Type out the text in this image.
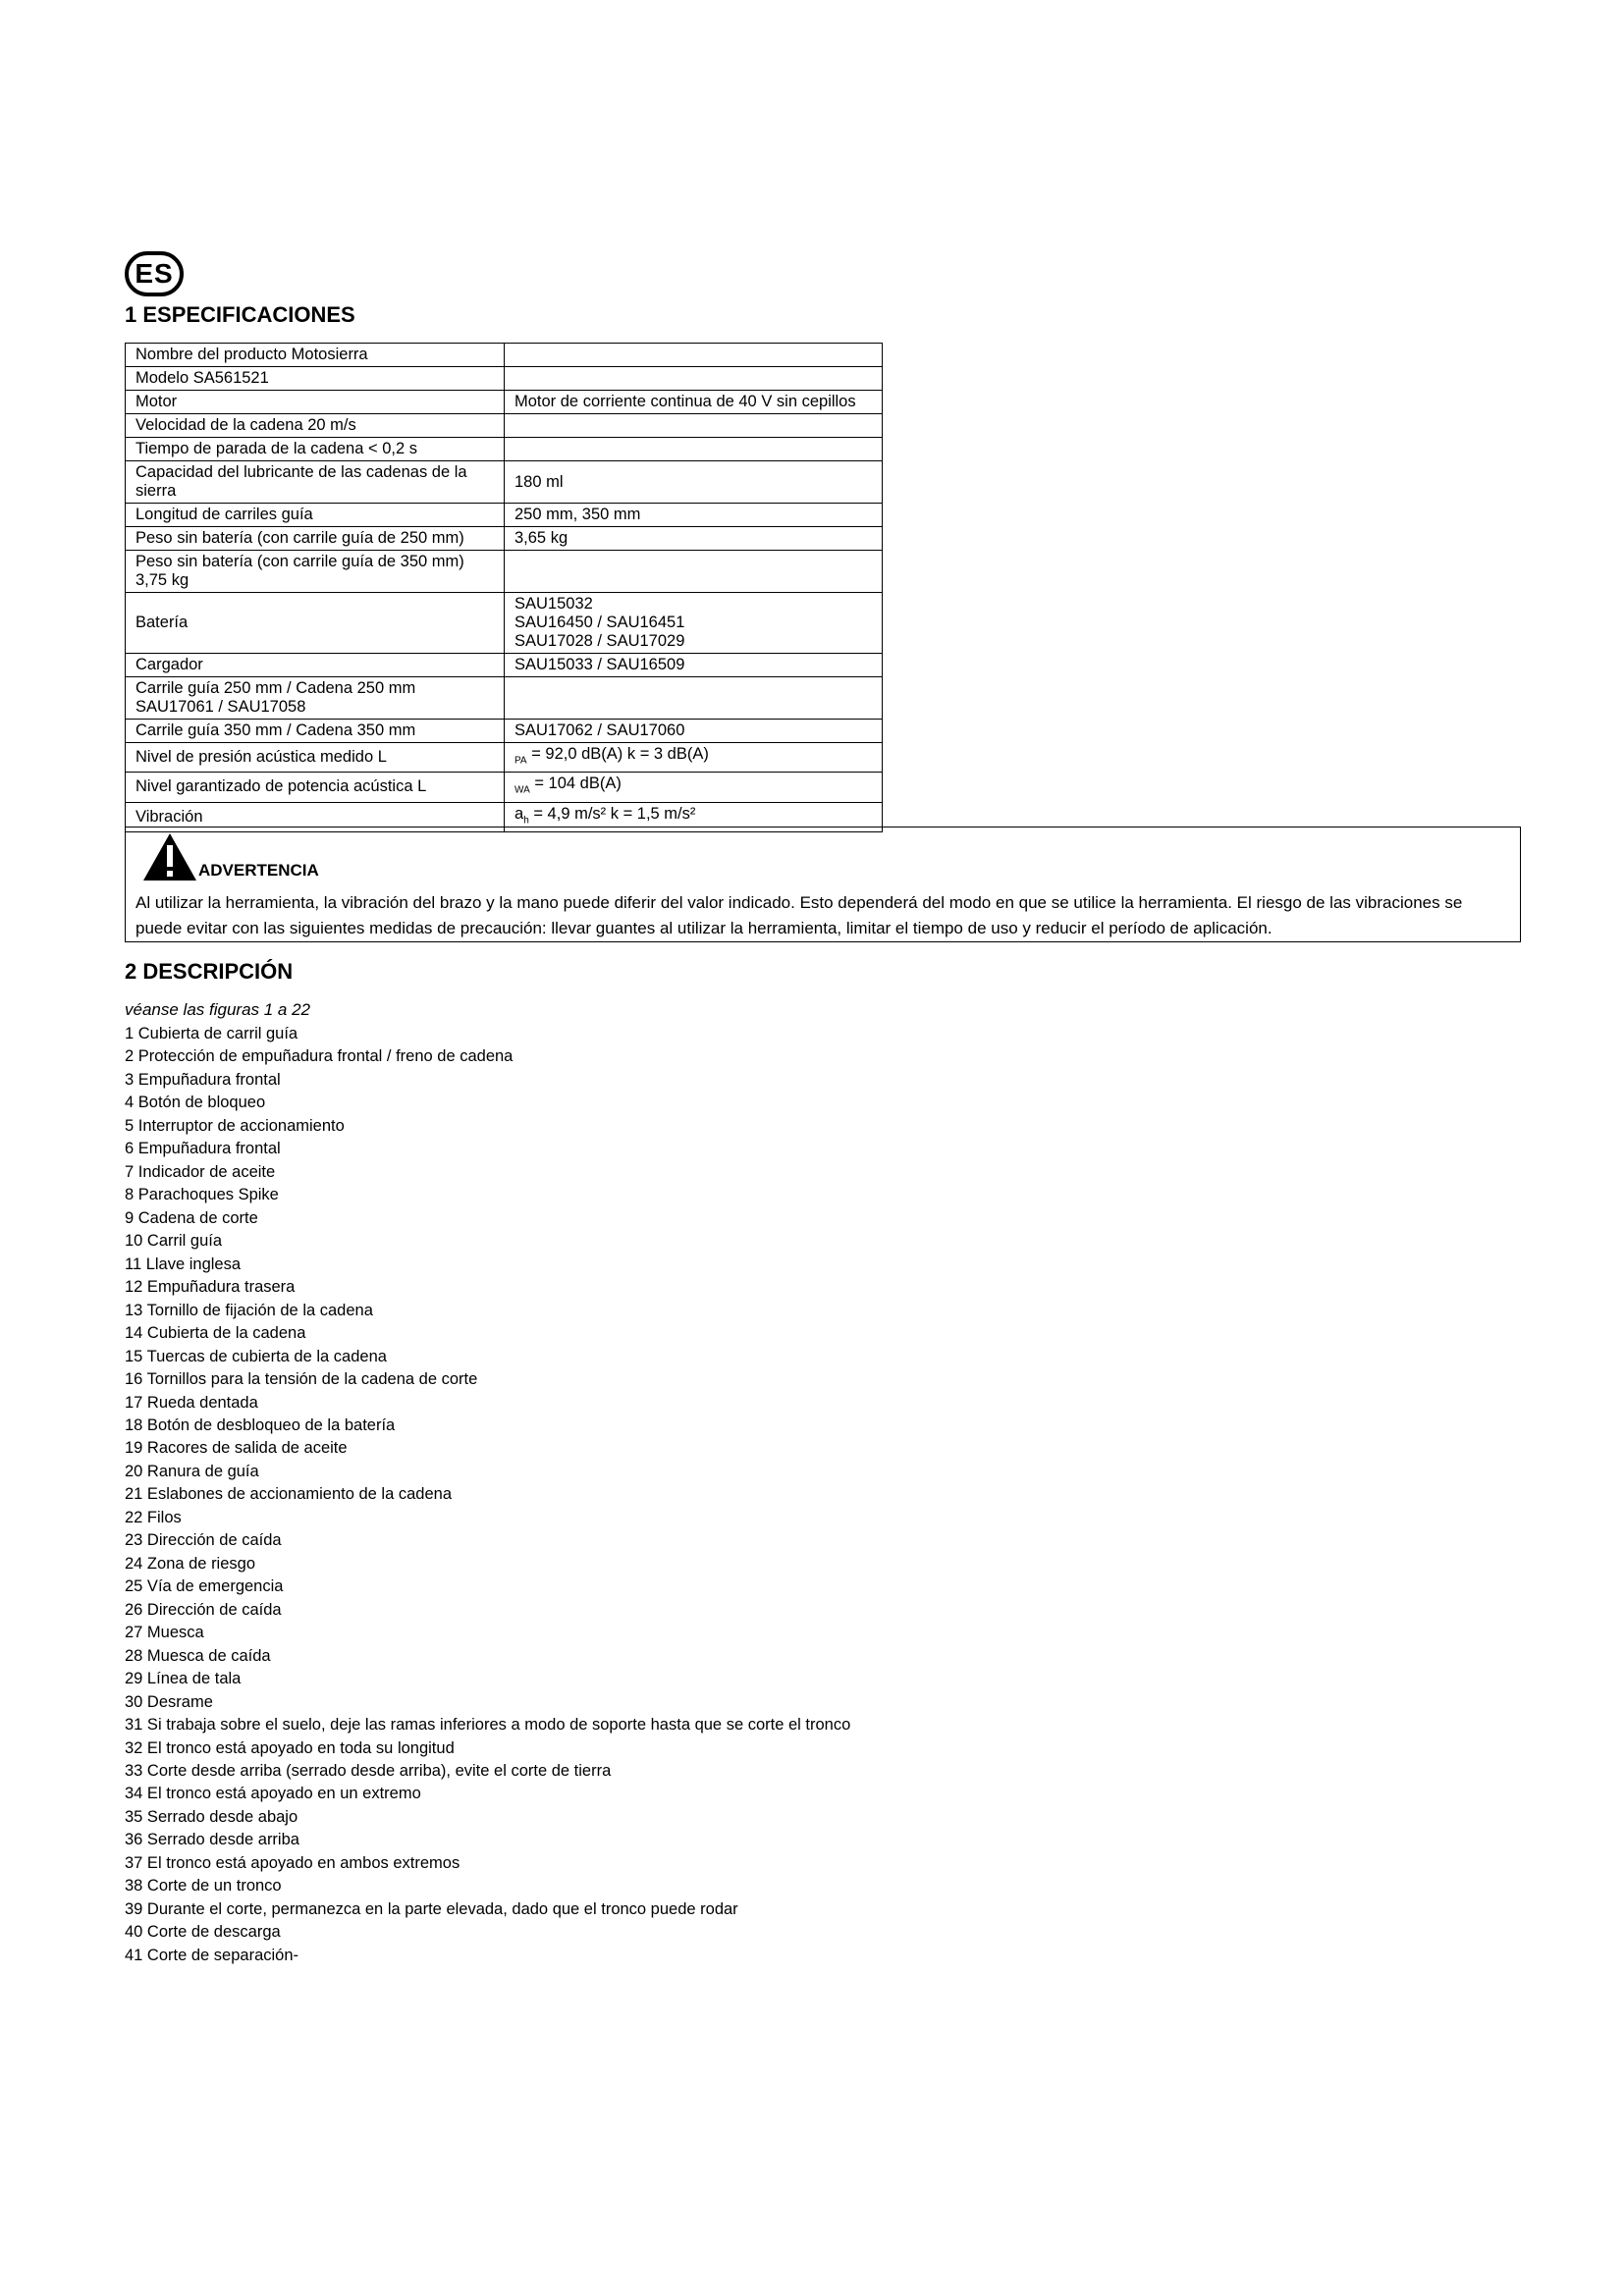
ES
1 ESPECIFICACIONES
Nombre del producto Motosierra	
Modelo SA561521	
Motor	Motor de corriente continua de 40 V sin cepillos
Velocidad de la cadena 20 m/s	
Tiempo de parada de la cadena < 0,2 s	
Capacidad del lubricante de las cadenas de la sierra	180 ml
Longitud de carriles guía	250 mm, 350 mm
Peso sin batería (con carrile guía de 250 mm)	3,65 kg
Peso sin batería (con carrile guía de 350 mm) 3,75 kg	
Batería	SAU15032
SAU16450 / SAU16451
SAU17028 / SAU17029

Cargador	SAU15033 / SAU16509
Carrile guía 250 mm / Cadena 250 mm SAU17061 / SAU17058	
Carrile guía 350 mm / Cadena 350 mm	SAU17062 / SAU17060
Nivel de presión acústica medido L	$_{PA}$ = 92,0 dB(A) k = 3 dB(A)
Nivel garantizado de potencia acústica L	$_{WA}$ = 104 dB(A)
Vibración	$a_h = 4,9$ m/s² k = 1,5 m/s²
ADVERTENCIA
Al utilizar la herramienta, la vibración del brazo y la mano puede diferir del valor indicado. Esto dependerá del modo en que se utilice la herramienta. El riesgo de las vibraciones se puede evitar con las siguientes medidas de precaución: llevar guantes al utilizar la herramienta, limitar el tiempo de uso y reducir el período de aplicación.
2 DESCRIPCIÓN
véanse las figuras 1 a 22
1 Cubierta de carril guía
2 Protección de empuñadura frontal / freno de cadena
3 Empuñadura frontal
4 Botón de bloqueo
5 Interruptor de accionamiento
6 Empuñadura frontal
7 Indicador de aceite
8 Parachoques Spike
9 Cadena de corte
10 Carril guía
11 Llave inglesa
12 Empuñadura trasera
13 Tornillo de fijación de la cadena
14 Cubierta de la cadena
15 Tuercas de cubierta de la cadena
16 Tornillos para la tensión de la cadena de corte
17 Rueda dentada
18 Botón de desbloqueo de la batería
19 Racores de salida de aceite
20 Ranura de guía
21 Eslabones de accionamiento de la cadena
22 Filos
23 Dirección de caída
24 Zona de riesgo
25 Vía de emergencia
26 Dirección de caída
27 Muesca
28 Muesca de caída
29 Línea de tala
30 Desrame
31 Si trabaja sobre el suelo, deje las ramas inferiores a modo de soporte hasta que se corte el tronco
32 El tronco está apoyado en toda su longitud
33 Corte desde arriba (serrado desde arriba), evite el corte de tierra
34 El tronco está apoyado en un extremo
35 Serrado desde abajo
36 Serrado desde arriba
37 El tronco está apoyado en ambos extremos
38 Corte de un tronco
39 Durante el corte, permanezca en la parte elevada, dado que el tronco puede rodar
40 Corte de descarga
41 Corte de separación-
